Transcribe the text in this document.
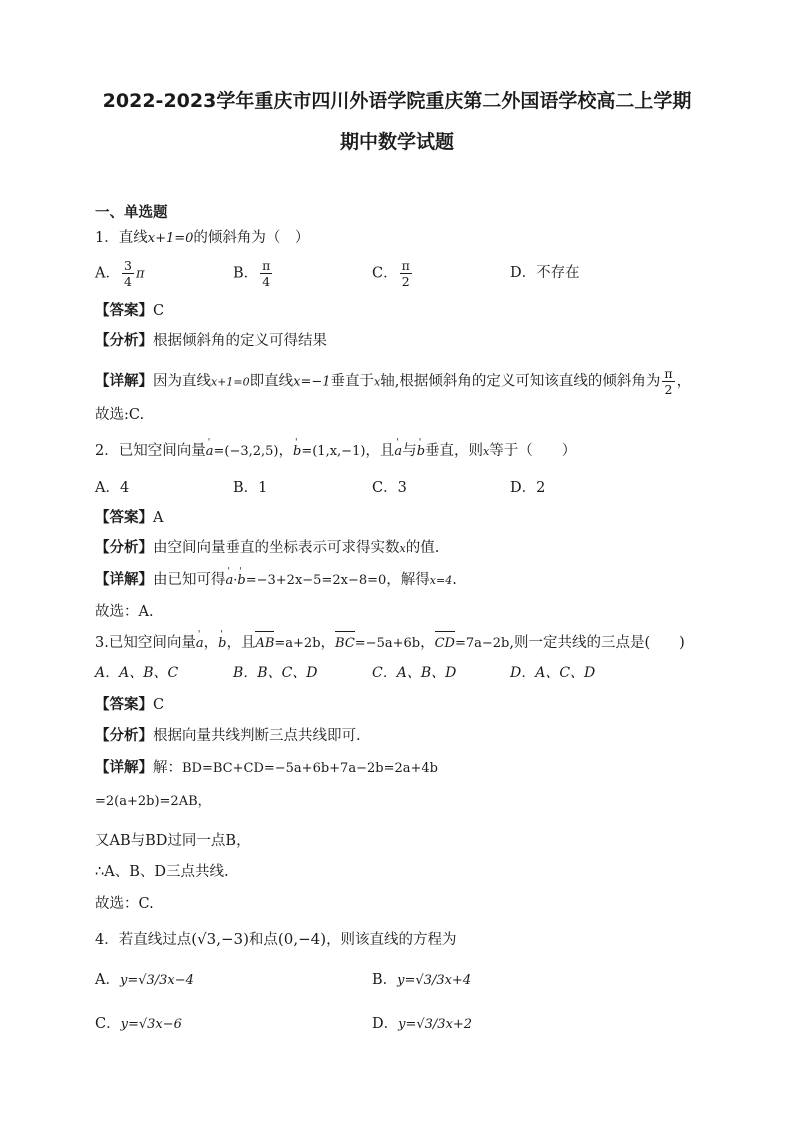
2022-2023学年重庆市四川外语学院重庆第二外国语学校高二上学期
期中数学试题
一、单选题
1．直线x+1=0的倾斜角为（　）
A． $\frac{3}{4}$ π	B． $\frac{\pi}{4}$	C． $\frac{\pi}{2}$	D．不存在
【答案】C
【分析】根据倾斜角的定义可得结果
【详解】因为直线x+1=0即直线x=−1垂直于x轴,根据倾斜角的定义可知该直线的倾斜角为 $\frac{\pi}{2}$ ，
故选:C.
2．已知空间向量' a=(−3,2,5)，' b=(1,x,−1)，且' a与' b垂直，则x等于（　　）
A．4	B．1	C．3	D．2
【答案】A
【分析】由空间向量垂直的坐标表示可求得实数x的值.
【详解】由已知可得' a·' b=−3+2x−5=2x−8=0，解得x=4.
故选：A.
3.已知空间向量' a，' b，且AB=a+2b，BC=−5a+6b，CD=7a−2b,则一定共线的三点是(　　)
A．A、B、C	B．B、C、D	C．A、B、D	D．A、C、D
【答案】C
【分析】根据向量共线判断三点共线即可.
【详解】解：BD=BC+CD=−5a+6b+7a−2b=2a+4b
=2(a+2b)=2AB，
又AB与BD过同一点B，
∴A、B、D三点共线.
故选：C.
4．若直线过点(√3,−3)和点(0,−4)，则该直线的方程为
A．y=√3/3x−4	B．y=√3/3x+4
C．y=√3x−6	D．y=√3/3x+2
